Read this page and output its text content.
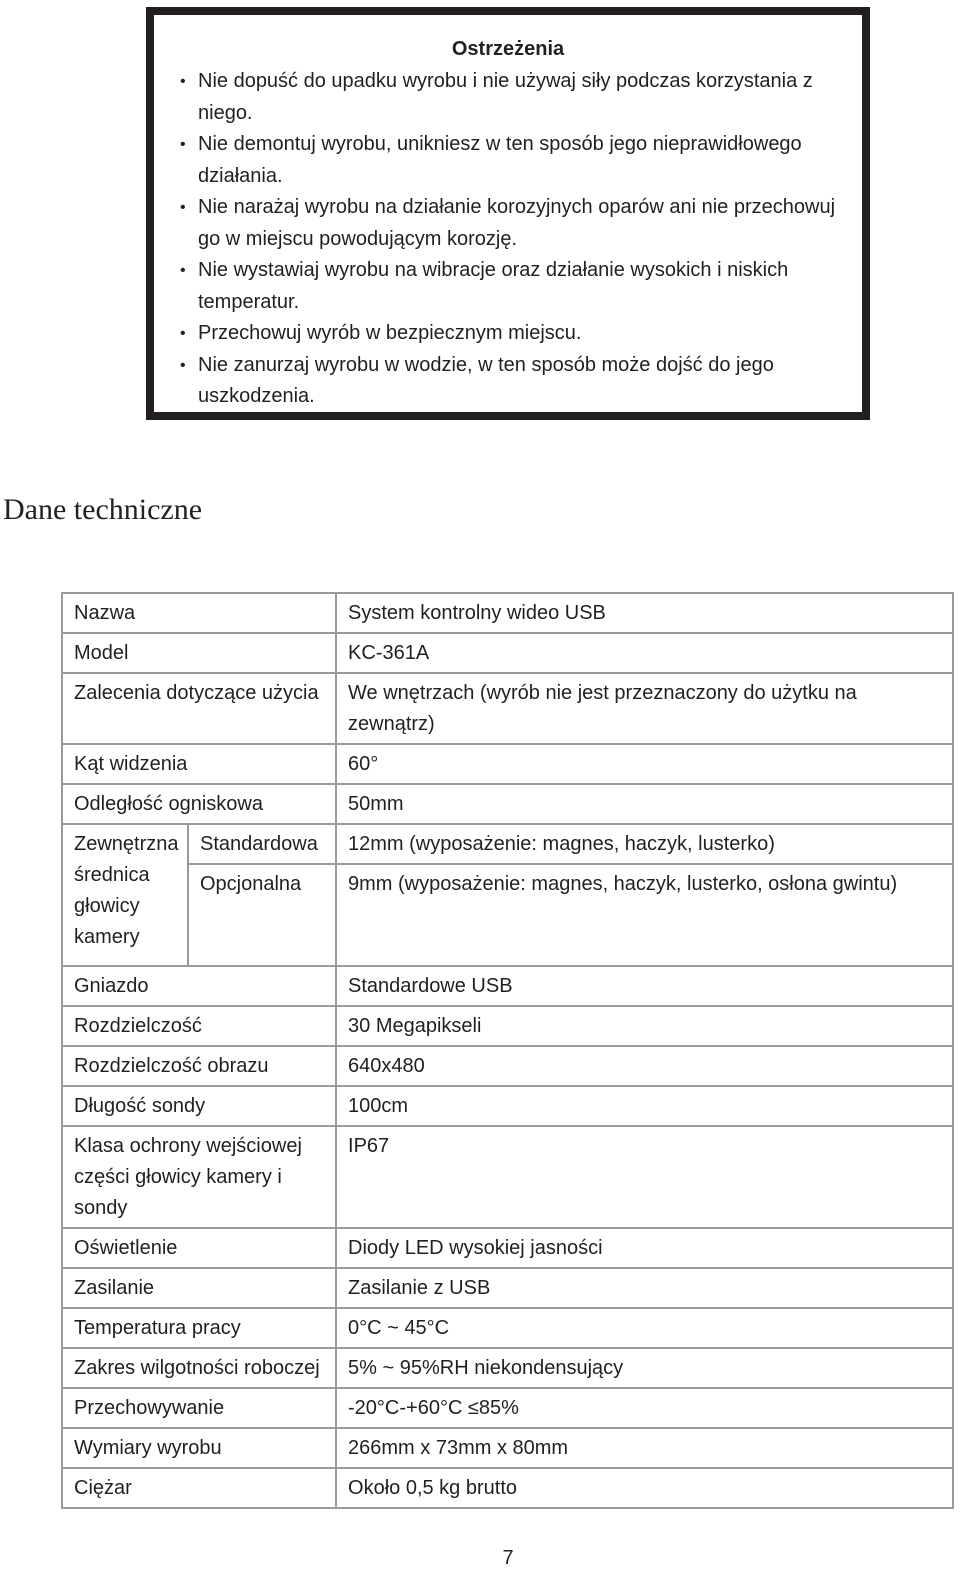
Ostrzeżenia
• Nie dopuść do upadku wyrobu i nie używaj siły podczas korzystania z niego.
• Nie demontuj wyrobu, unikniesz w ten sposób jego nieprawidłowego działania.
• Nie narażaj wyrobu na działanie korozyjnych oparów ani nie przechowuj go w miejscu powodującym korozję.
• Nie wystawiaj wyrobu na wibracje oraz działanie wysokich i niskich temperatur.
• Przechowuj wyrób w bezpiecznym miejscu.
• Nie zanurzaj wyrobu w wodzie, w ten sposób może dojść do jego uszkodzenia.
Dane techniczne
Nazwa		System kontrolny wideo USB
Model		KC-361A
Zalecenia dotyczące użycia		We wnętrzach (wyrób nie jest przeznaczony do użytku na zewnątrz)
Kąt widzenia		60°
Odległość ogniskowa		50mm
Zewnętrzna średnica głowicy kamery	Standardowa	12mm (wyposażenie: magnes, haczyk, lusterko)
	Opcjonalna	9mm (wyposażenie: magnes, haczyk, lusterko, osłona gwintu)
Gniazdo		Standardowe USB
Rozdzielczość		30 Megapikseli
Rozdzielczość obrazu		640x480
Długość sondy		100cm
Klasa ochrony wejściowej części głowicy kamery i sondy		IP67
Oświetlenie		Diody LED wysokiej jasności
Zasilanie		Zasilanie z USB
Temperatura pracy		0°C ~ 45°C
Zakres wilgotności roboczej		5% ~ 95%RH niekondensujący
Przechowywanie		-20°C-+60°C ≤85%
Wymiary wyrobu		266mm x 73mm x 80mm
Ciężar		Około 0,5 kg brutto
7
